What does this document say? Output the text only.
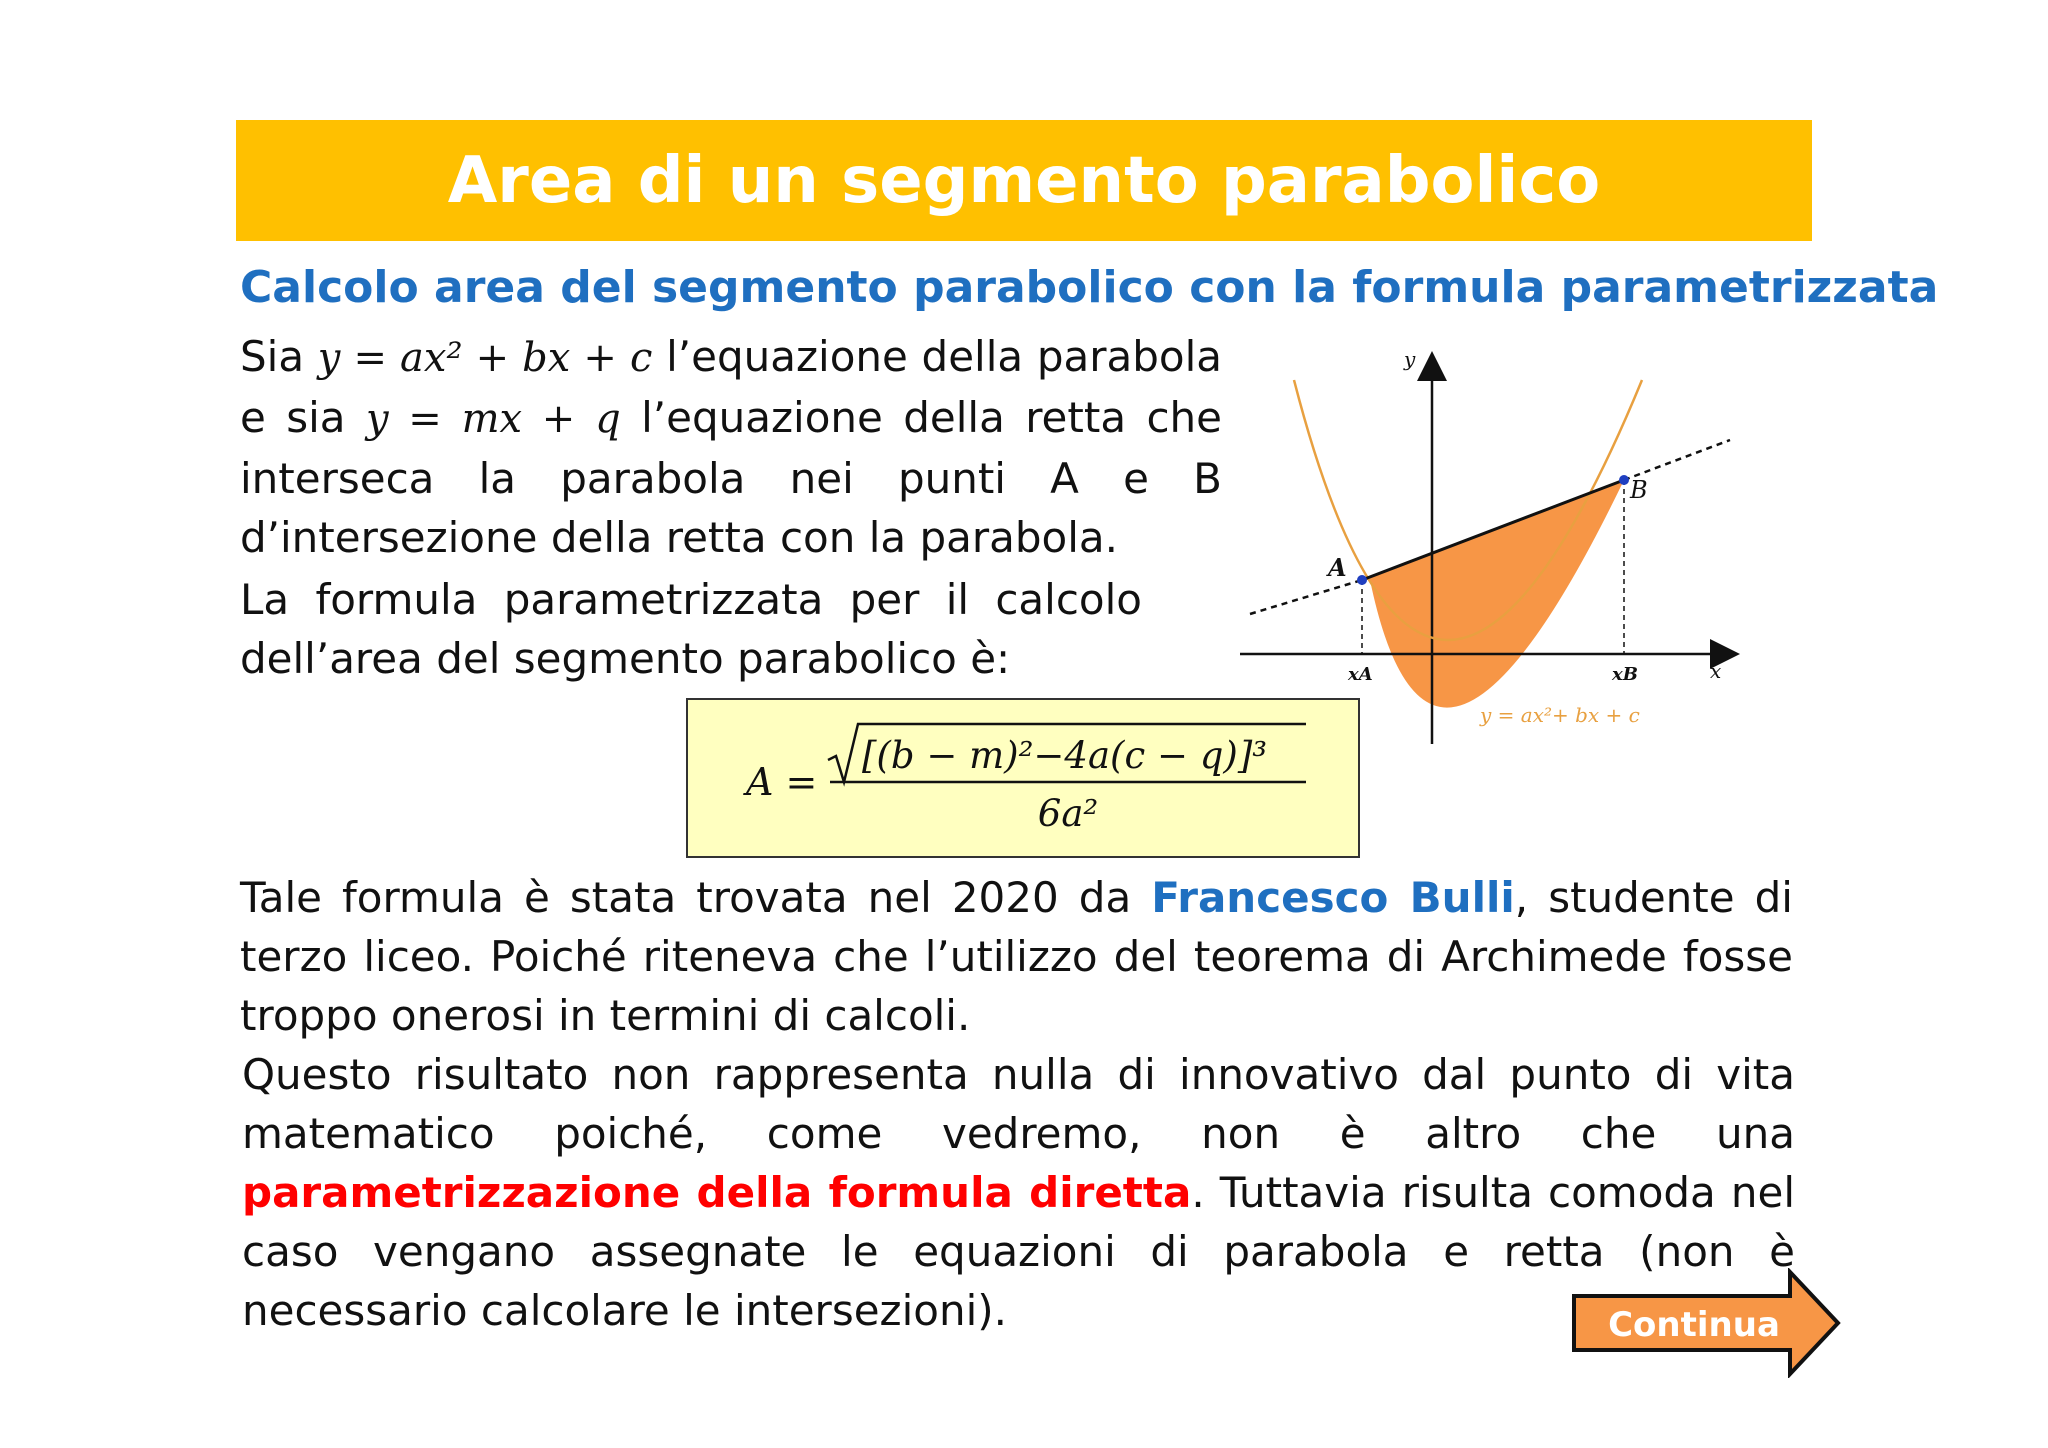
Area di un segmento parabolico
Calcolo area del segmento parabolico con la formula parametrizzata
Sia y = ax² + bx + c l’equazione della parabola e sia y = mx + q l’equazione della retta che interseca la parabola nei punti A e B d’intersezione della retta con la parabola.
La formula parametrizzata per il calcolo dell’area del segmento parabolico è:
A =
[(b − m)²−4a(c − q)]³
6a²
A
B
y
x
xA	xB
y = ax²+ bx + c
Tale formula è stata trovata nel 2020 da Francesco Bulli, studente di terzo liceo. Poiché riteneva che l’utilizzo del teorema di Archimede fosse troppo onerosi in termini di calcoli.
Questo risultato non rappresenta nulla di innovativo dal punto di vita matematico poiché, come vedremo, non è altro che una parametrizzazione della formula diretta. Tuttavia risulta comoda nel caso vengano assegnate le equazioni di parabola e retta (non è necessario calcolare le intersezioni).	Continua
